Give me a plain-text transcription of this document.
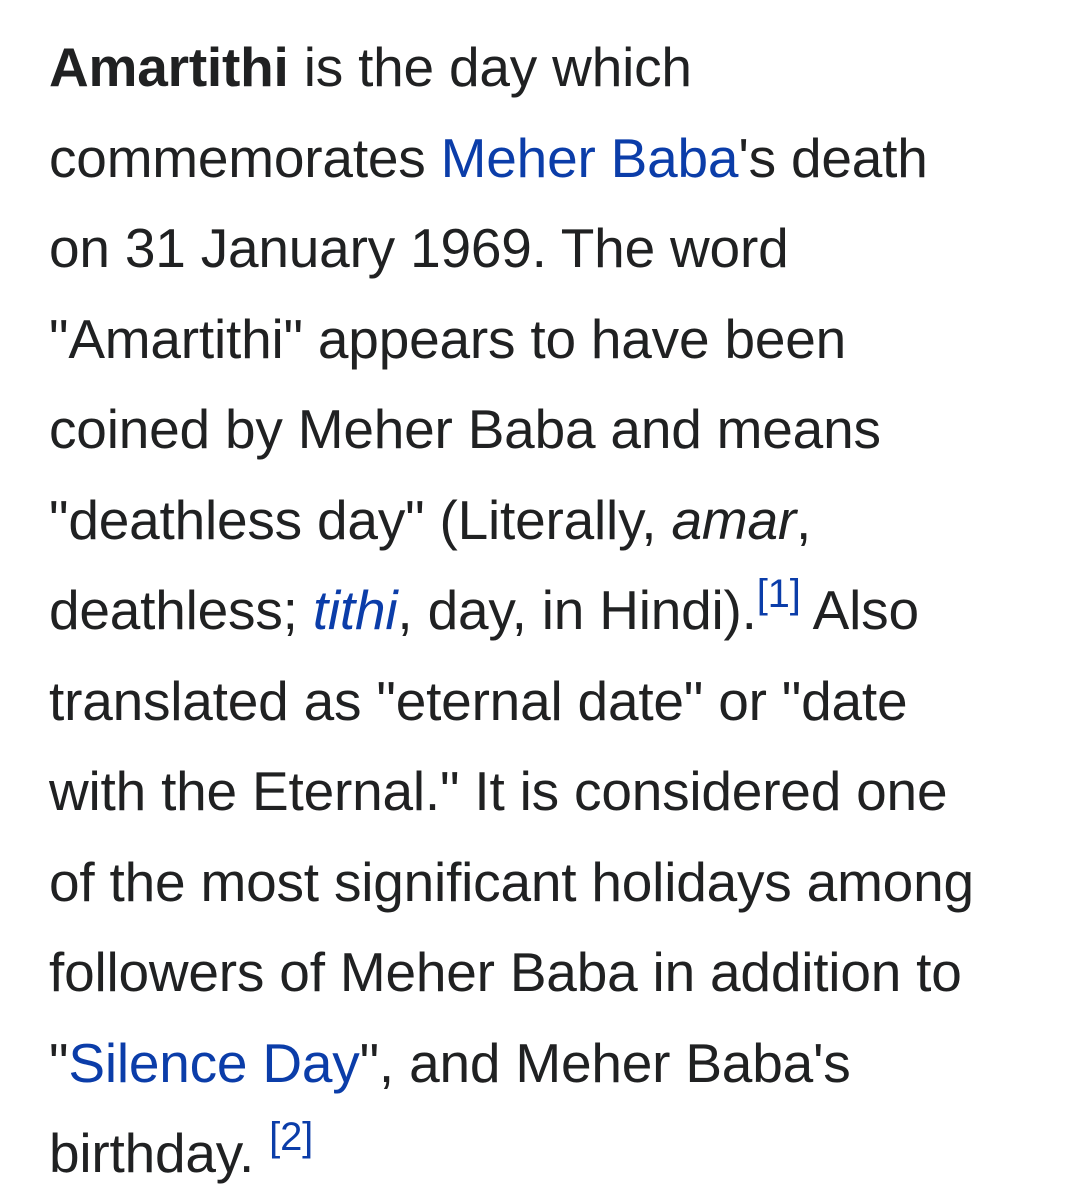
Amartithi is the day which
commemorates Meher Baba's death
on 31 January 1969. The word
"Amartithi" appears to have been
coined by Meher Baba and means
"deathless day" (Literally, amar,
deathless; tithi, day, in Hindi).[1] Also
translated as "eternal date" or "date
with the Eternal." It is considered one
of the most significant holidays among
followers of Meher Baba in addition to
"Silence Day", and Meher Baba's
birthday. [2]
